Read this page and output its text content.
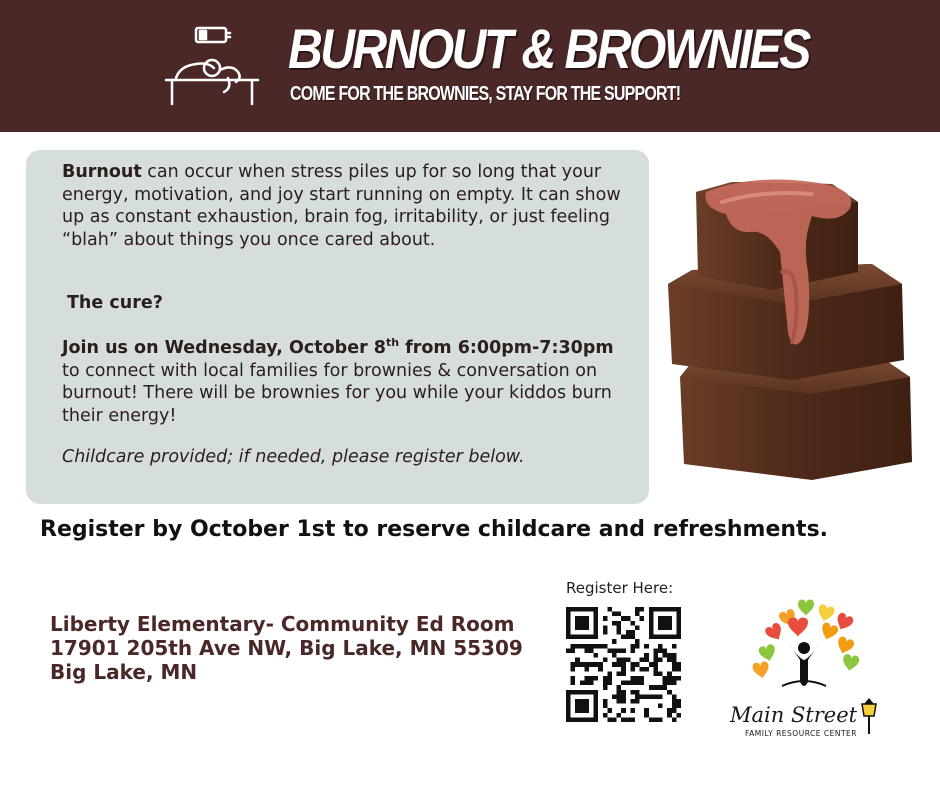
BURNOUT & BROWNIES

COME FOR THE BROWNIES, STAY FOR THE SUPPORT!

Burnout can occur when stress piles up for so long that your energy, motivation, and joy start running on empty. It can show up as constant exhaustion, brain fog, irritability, or just feeling “blah” about things you once cared about.

The cure?

Join us on Wednesday, October 8th from 6:00pm-7:30pm to connect with local families for brownies & conversation on burnout! There will be brownies for you while your kiddos burn their energy!

Childcare provided; if needed, please register below.

Register by October 1st to reserve childcare and refreshments.

Liberty Elementary- Community Ed Room
17901 205th Ave NW, Big Lake, MN 55309
Big Lake, MN

Register Here:

Main Street

FAMILY RESOURCE CENTER
